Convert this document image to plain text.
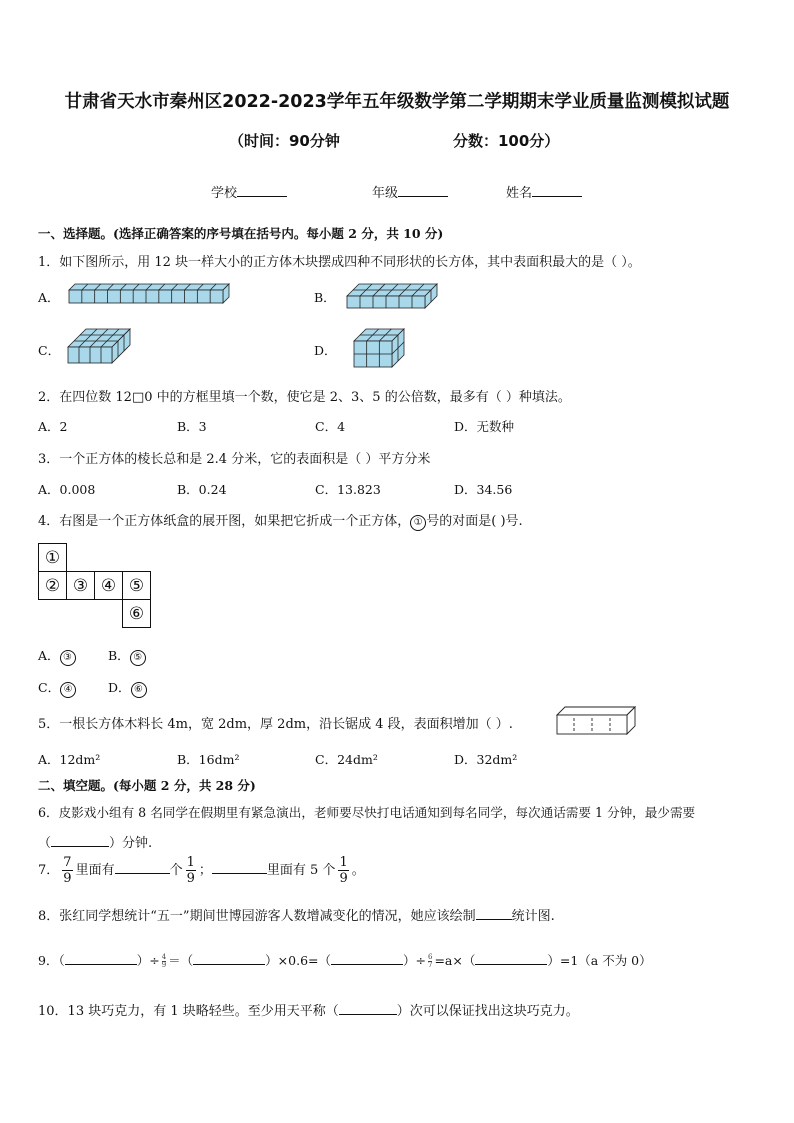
甘肃省天水市秦州区2022-2023学年五年级数学第二学期期末学业质量监测模拟试题
（时间：90分钟	分数：100分）
学校	年级	姓名
一、选择题。(选择正确答案的序号填在括号内。每小题 2 分，共 10 分)
1．如下图所示，用 12 块一样大小的正方体木块摆成四种不同形状的长方体，其中表面积最大的是（ ）。
A．	B．
C．	D．
2．在四位数 12□0 中的方框里填一个数，使它是 2、3、5 的公倍数，最多有（ ）种填法。
A．2	B．3	C．4	D．无数种
3．一个正方体的棱长总和是 2.4 分米，它的表面积是（ ）平方分米
A．0.008	B．0.24	C．13.823	D．34.56
4．右图是一个正方体纸盒的展开图，如果把它折成一个正方体， ① 号的对面是( )号.
①			
②	③	④	⑤
			⑥
A． ③	B． ⑤
C． ④	D． ⑥
5．一根长方体木料长 4m，宽 2dm，厚 2dm，沿长锯成 4 段，表面积增加（ ）.
A．12dm²	B．16dm²	C．24dm²	D．32dm²
二、填空题。(每小题 2 分，共 28 分)
6．皮影戏小组有 8 名同学在假期里有紧急演出，老师要尽快打电话通知到每名同学，每次通话需要 1 分钟，最少需要
（	）分钟.
7． $\frac{7}{9}$ 里面有	个 $\frac{1}{9}$ ；	里面有 5 个 $\frac{1}{9}$ 。
8．张红同学想统计“五一”期间世博园游客人数增减变化的情况，她应该绘制	统计图.
9．（	）÷ $\frac{4}{9}$ ＝（	）×0.6=（	）÷ $\frac{6}{7} =a\times$（	）=1（a 不为 0）
10．13 块巧克力，有 1 块略轻些。至少用天平称（	）次可以保证找出这块巧克力。
